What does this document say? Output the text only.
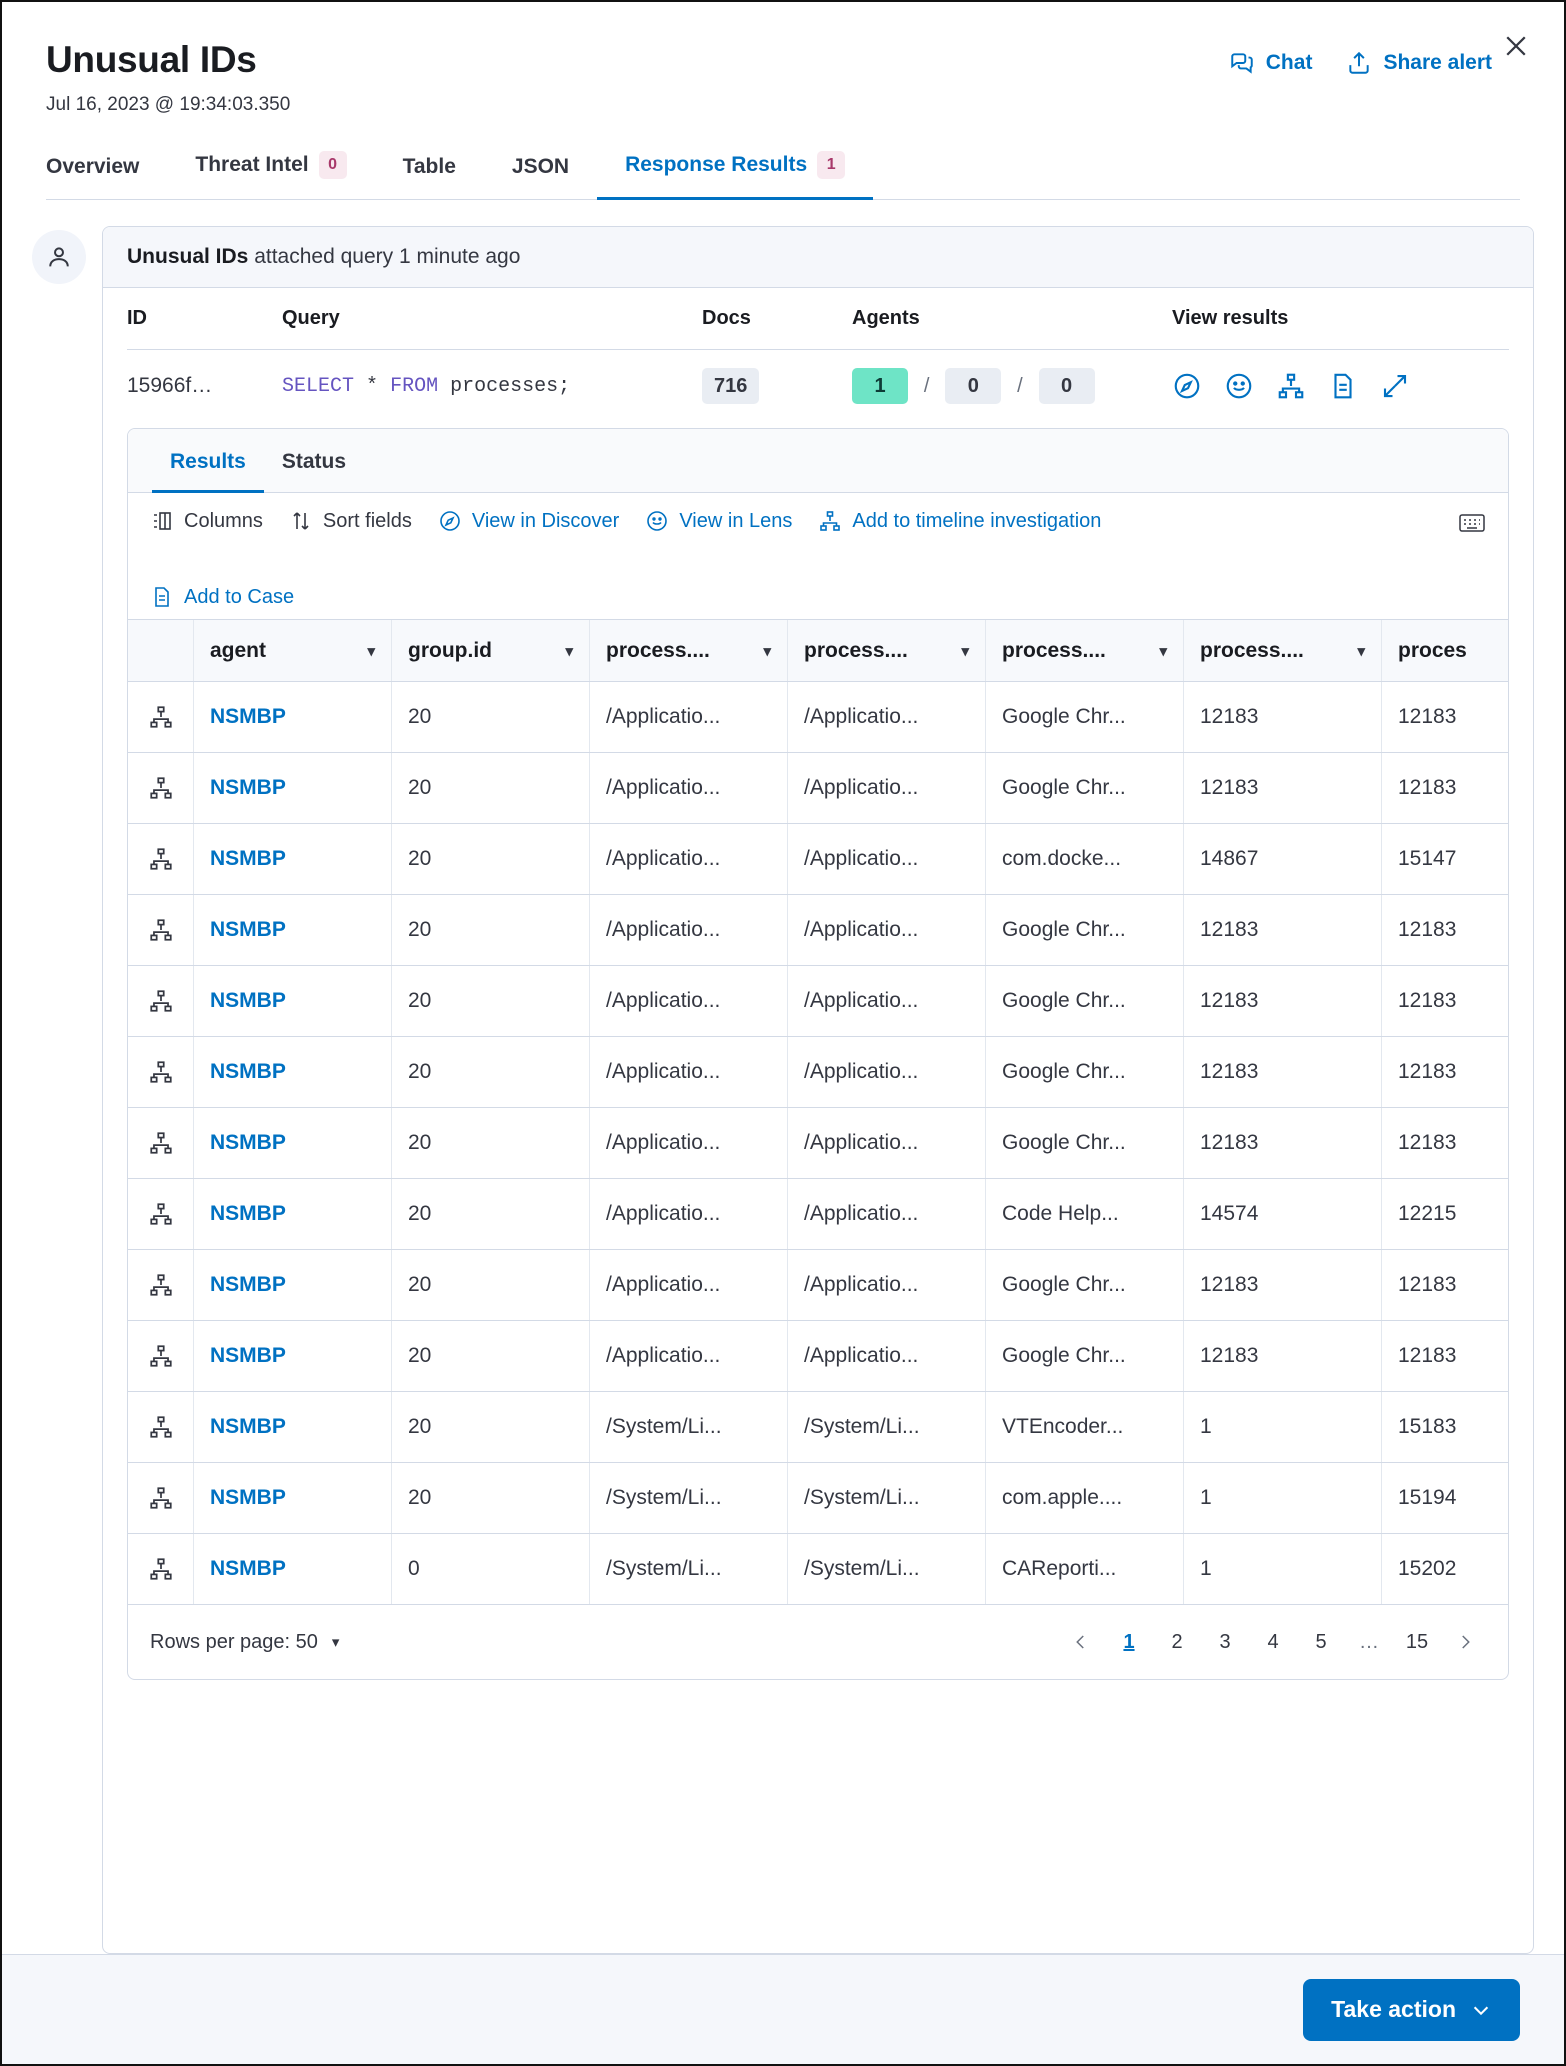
Unusual IDs
Jul 16, 2023 @ 19:34:03.350
Chat	Share alert
Overview	Threat Intel	0	Table	JSON	Response Results	1
Unusual IDs attached query 1 minute ago
ID	Query	Docs	Agents	View results
15966f…	SELECT * FROM processes;	716	1 / 0 / 0
Results	Status
Columns	Sort fields	View in Discover	View in Lens	Add to timeline investigation
Add to Case
agent	▾ group.id	▾ process....	▾ process....	▾ process....	▾ process....	▾ proces
NSMBP	20	/Applicatio...	/Applicatio...	Google Chr...	12183	12183
NSMBP	20	/Applicatio...	/Applicatio...	Google Chr...	12183	12183
NSMBP	20	/Applicatio...	/Applicatio...	com.docke...	14867	15147
NSMBP	20	/Applicatio...	/Applicatio...	Google Chr...	12183	12183
NSMBP	20	/Applicatio...	/Applicatio...	Google Chr...	12183	12183
NSMBP	20	/Applicatio...	/Applicatio...	Google Chr...	12183	12183
NSMBP	20	/Applicatio...	/Applicatio...	Google Chr...	12183	12183
NSMBP	20	/Applicatio...	/Applicatio...	Code Help...	14574	12215
NSMBP	20	/Applicatio...	/Applicatio...	Google Chr...	12183	12183
NSMBP	20	/Applicatio...	/Applicatio...	Google Chr...	12183	12183
NSMBP	20	/System/Li...	/System/Li...	VTEncoder...	1	15183
NSMBP	20	/System/Li...	/System/Li...	com.apple....	1	15194
NSMBP	0	/System/Li...	/System/Li...	CAReporti...	1	15202
Rows per page: 50 ▾	1	2	3	4	5	…	15
Take action
